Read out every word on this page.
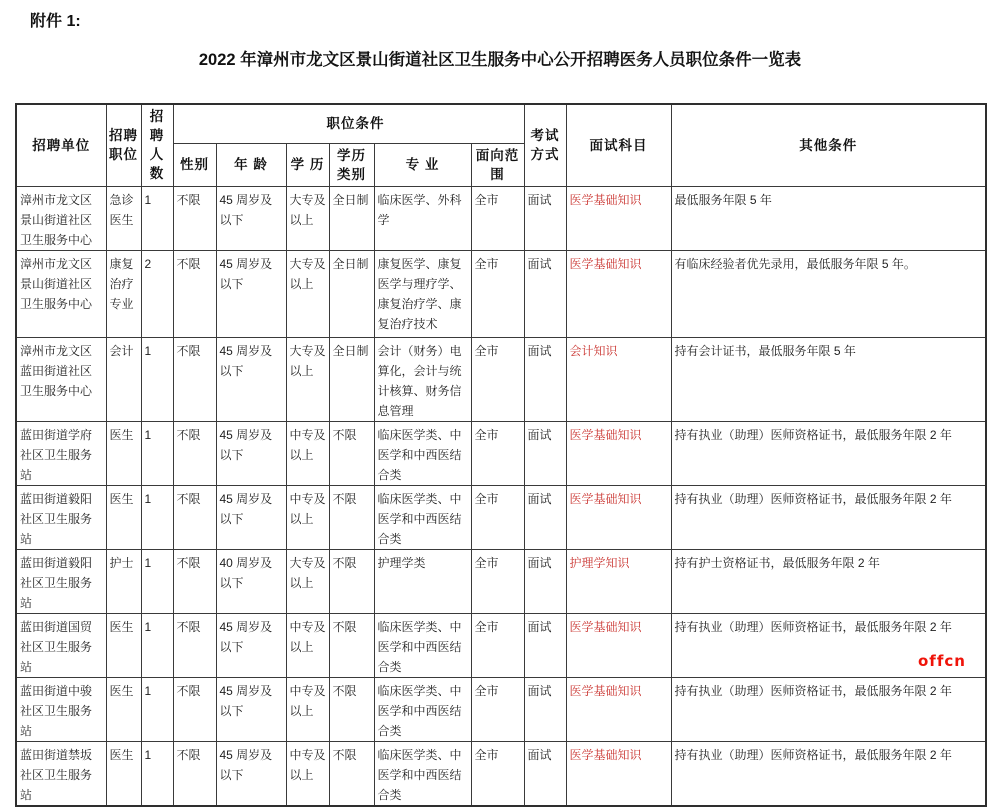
附件 1:
2022 年漳州市龙文区景山街道社区卫生服务中心公开招聘医务人员职位条件一览表
招聘单位	招聘职位	招聘人数	职位条件						考试方式	面试科目	其他条件
			性别	年 龄	学 历	学历类别	专 业	面向范围			
漳州市龙文区景山街道社区卫生服务中心	急诊医生	1	不限	45 周岁及以下	大专及以上	全日制	临床医学、外科学	全市	面试	医学基础知识	最低服务年限 5 年
漳州市龙文区景山街道社区卫生服务中心	康复治疗专业	2	不限	45 周岁及以下	大专及以上	全日制	康复医学、康复医学与理疗学、康复治疗学、康复治疗技术	全市	面试	医学基础知识	有临床经验者优先录用，最低服务年限 5 年。
漳州市龙文区蓝田街道社区卫生服务中心	会计	1	不限	45 周岁及以下	大专及以上	全日制	会计（财务）电算化，会计与统计核算、财务信息管理	全市	面试	会计知识	持有会计证书，最低服务年限 5 年
蓝田街道学府社区卫生服务站	医生	1	不限	45 周岁及以下	中专及以上	不限	临床医学类、中医学和中西医结合类	全市	面试	医学基础知识	持有执业（助理）医师资格证书，最低服务年限 2 年
蓝田街道毅阳社区卫生服务站	医生	1	不限	45 周岁及以下	中专及以上	不限	临床医学类、中医学和中西医结合类	全市	面试	医学基础知识	持有执业（助理）医师资格证书，最低服务年限 2 年
蓝田街道毅阳社区卫生服务站	护士	1	不限	40 周岁及以下	大专及以上	不限	护理学类	全市	面试	护理学知识	持有护士资格证书，最低服务年限 2 年
蓝田街道国贸社区卫生服务站	医生	1	不限	45 周岁及以下	中专及以上	不限	临床医学类、中医学和中西医结合类	全市	面试	医学基础知识	持有执业（助理）医师资格证书，最低服务年限 2 年
蓝田街道中骏社区卫生服务站	医生	1	不限	45 周岁及以下	中专及以上	不限	临床医学类、中医学和中西医结合类	全市	面试	医学基础知识	持有执业（助理）医师资格证书，最低服务年限 2 年
蓝田街道禁坂社区卫生服务站	医生	1	不限	45 周岁及以下	中专及以上	不限	临床医学类、中医学和中西医结合类	全市	面试	医学基础知识	持有执业（助理）医师资格证书，最低服务年限 2 年
offcn
